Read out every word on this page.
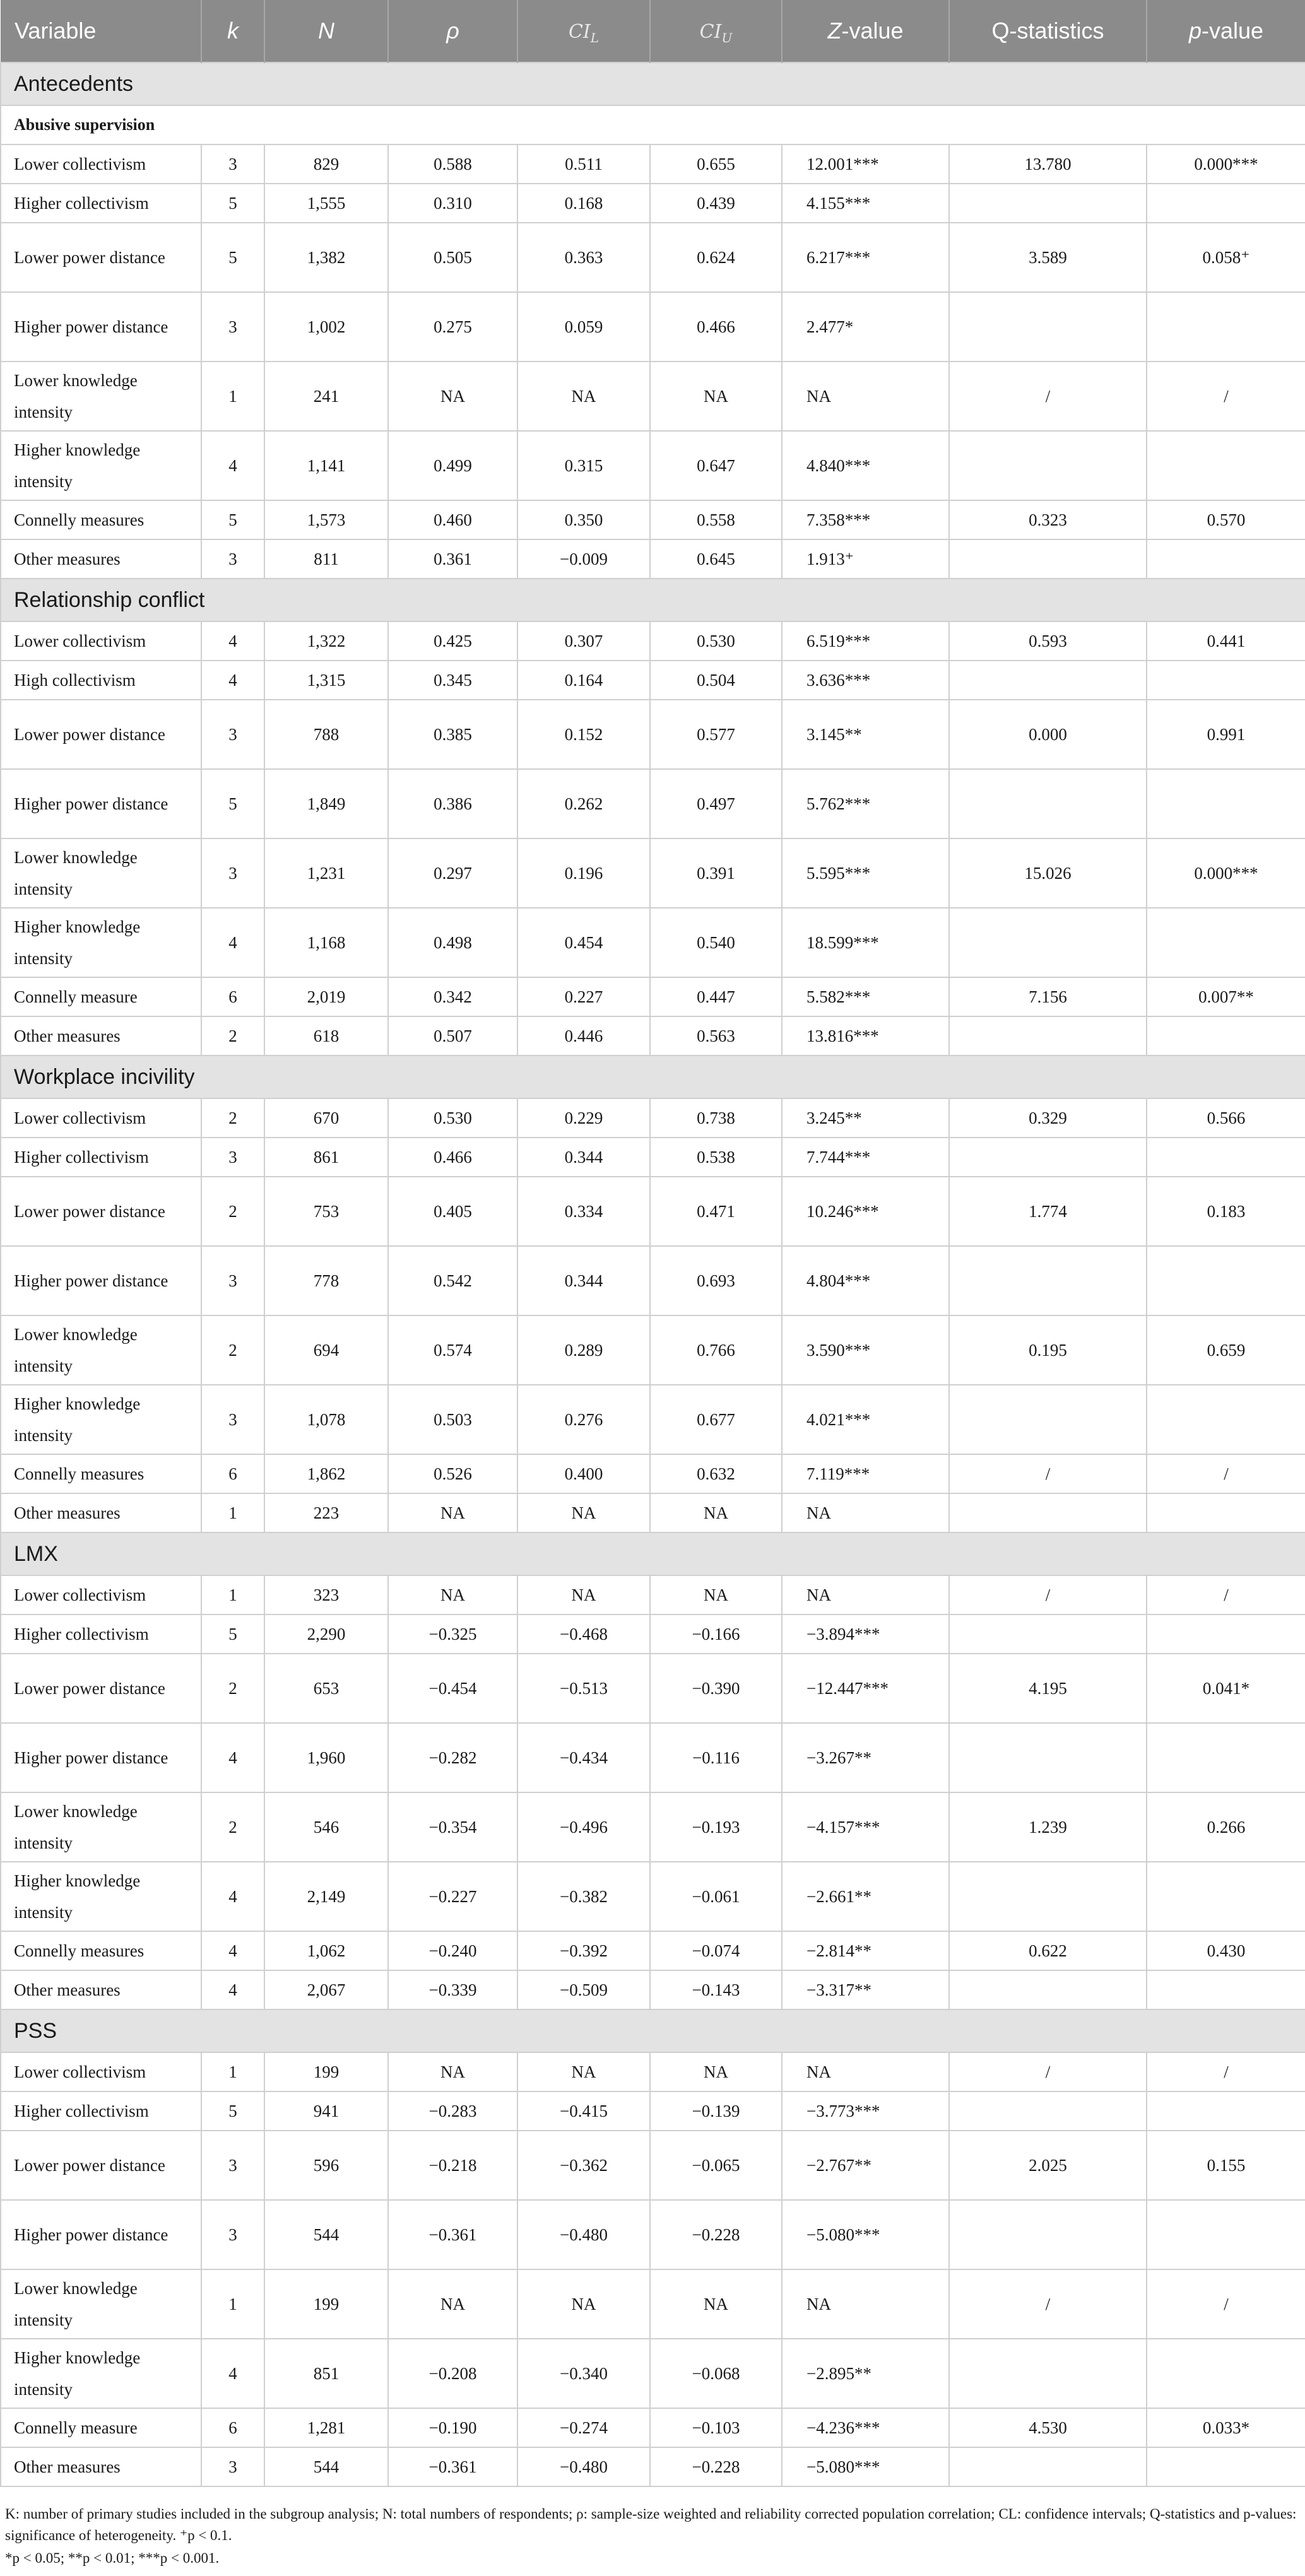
Variable	k	N	ρ	$CI_L$	$CI_U$	Z-value	Q-statistics	p-value
Antecedents								
Abusive supervision								
Lower collectivism	3	829	0.588	0.511	0.655	12.001***	13.780	0.000***
Higher collectivism	5	1,555	0.310	0.168	0.439	4.155***		
Lower power distance	5	1,382	0.505	0.363	0.624	6.217***	3.589	0.058⁺
Higher power distance	3	1,002	0.275	0.059	0.466	2.477*		
Lower knowledge intensity	1	241	NA	NA	NA	NA	/	/
Higher knowledge intensity	4	1,141	0.499	0.315	0.647	4.840***		
Connelly measures	5	1,573	0.460	0.350	0.558	7.358***	0.323	0.570
Other measures	3	811	0.361	−0.009	0.645	1.913⁺		
Relationship conflict								
Lower collectivism	4	1,322	0.425	0.307	0.530	6.519***	0.593	0.441
High collectivism	4	1,315	0.345	0.164	0.504	3.636***		
Lower power distance	3	788	0.385	0.152	0.577	3.145**	0.000	0.991
Higher power distance	5	1,849	0.386	0.262	0.497	5.762***		
Lower knowledge intensity	3	1,231	0.297	0.196	0.391	5.595***	15.026	0.000***
Higher knowledge intensity	4	1,168	0.498	0.454	0.540	18.599***		
Connelly measure	6	2,019	0.342	0.227	0.447	5.582***	7.156	0.007**
Other measures	2	618	0.507	0.446	0.563	13.816***		
Workplace incivility								
Lower collectivism	2	670	0.530	0.229	0.738	3.245**	0.329	0.566
Higher collectivism	3	861	0.466	0.344	0.538	7.744***		
Lower power distance	2	753	0.405	0.334	0.471	10.246***	1.774	0.183
Higher power distance	3	778	0.542	0.344	0.693	4.804***		
Lower knowledge intensity	2	694	0.574	0.289	0.766	3.590***	0.195	0.659
Higher knowledge intensity	3	1,078	0.503	0.276	0.677	4.021***		
Connelly measures	6	1,862	0.526	0.400	0.632	7.119***	/	/
Other measures	1	223	NA	NA	NA	NA		
LMX								
Lower collectivism	1	323	NA	NA	NA	NA	/	/
Higher collectivism	5	2,290	−0.325	−0.468	−0.166	−3.894***		
Lower power distance	2	653	−0.454	−0.513	−0.390	−12.447***	4.195	0.041*
Higher power distance	4	1,960	−0.282	−0.434	−0.116	−3.267**		
Lower knowledge intensity	2	546	−0.354	−0.496	−0.193	−4.157***	1.239	0.266
Higher knowledge intensity	4	2,149	−0.227	−0.382	−0.061	−2.661**		
Connelly measures	4	1,062	−0.240	−0.392	−0.074	−2.814**	0.622	0.430
Other measures	4	2,067	−0.339	−0.509	−0.143	−3.317**		
PSS								
Lower collectivism	1	199	NA	NA	NA	NA	/	/
Higher collectivism	5	941	−0.283	−0.415	−0.139	−3.773***		
Lower power distance	3	596	−0.218	−0.362	−0.065	−2.767**	2.025	0.155
Higher power distance	3	544	−0.361	−0.480	−0.228	−5.080***		
Lower knowledge intensity	1	199	NA	NA	NA	NA	/	/
Higher knowledge intensity	4	851	−0.208	−0.340	−0.068	−2.895**		
Connelly measure	6	1,281	−0.190	−0.274	−0.103	−4.236***	4.530	0.033*
Other measures	3	544	−0.361	−0.480	−0.228	−5.080***		
K: number of primary studies included in the subgroup analysis; N: total numbers of respondents; ρ: sample-size weighted and reliability corrected population correlation; CL: confidence intervals; Q-statistics and p-values: significance of heterogeneity. ⁺p < 0.1.
*p < 0.05; **p < 0.01; ***p < 0.001.
